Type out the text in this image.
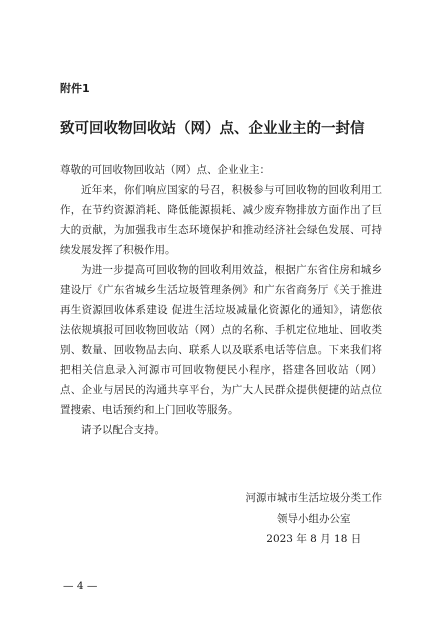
附件1
致可回收物回收站（网）点、企业业主的一封信

尊敬的可回收物回收站（网）点、企业业主：

近年来，你们响应国家的号召，积极参与可回收物的回收利用工作，在节约资源消耗、降低能源损耗、减少废弃物排放方面作出了巨大的贡献，为加强我市生态环境保护和推动经济社会绿色发展、可持续发展发挥了积极作用。

为进一步提高可回收物的回收利用效益，根据广东省住房和城乡建设厅《广东省城乡生活垃圾管理条例》和广东省商务厅《关于推进再生资源回收体系建设 促进生活垃圾减量化资源化的通知》，请您依法依规填报可回收物回收站（网）点的名称、手机定位地址、回收类别、数量、回收物品去向、联系人以及联系电话等信息。下来我们将把相关信息录入河源市可回收物便民小程序，搭建各回收站（网）点、企业与居民的沟通共享平台，为广大人民群众提供便捷的站点位置搜索、电话预约和上门回收等服务。

请予以配合支持。

河源市城市生活垃圾分类工作
领导小组办公室
2023 年 8 月 18 日
— 4 —
